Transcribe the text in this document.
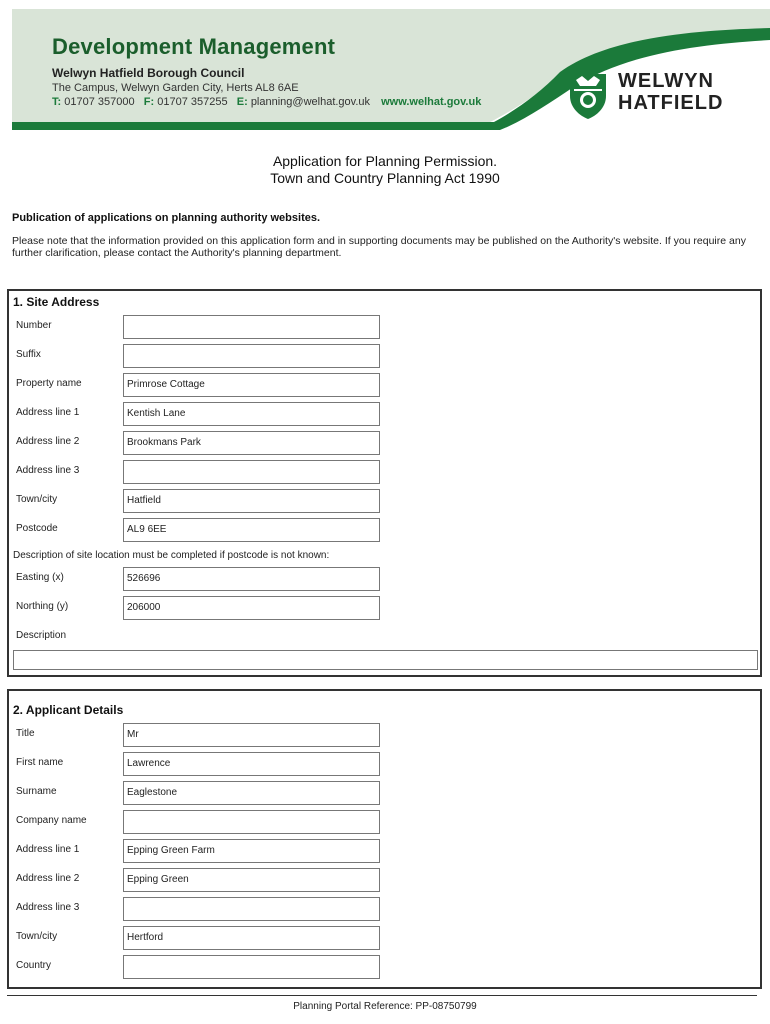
Development Management
Welwyn Hatfield Borough Council
The Campus, Welwyn Garden City, Herts AL8 6AE
T: 01707 357000 F: 01707 357255 E: planning@welhat.gov.uk www.welhat.gov.uk
WELWYN
HATFIELD
Application for Planning Permission.
Town and Country Planning Act 1990
Publication of applications on planning authority websites.
Please note that the information provided on this application form and in supporting documents may be published on the Authority's website. If you require any further clarification, please contact the Authority's planning department.
1. Site Address
Number
Suffix
Property name	Primrose Cottage
Address line 1	Kentish Lane
Address line 2	Brookmans Park
Address line 3
Town/city	Hatfield
Postcode	AL9 6EE
Description of site location must be completed if postcode is not known:
Easting (x)	526696
Northing (y)	206000
Description
2. Applicant Details
Title	Mr
First name	Lawrence
Surname	Eaglestone
Company name
Address line 1	Epping Green Farm
Address line 2	Epping Green
Address line 3
Town/city	Hertford
Country
Planning Portal Reference: PP-08750799
